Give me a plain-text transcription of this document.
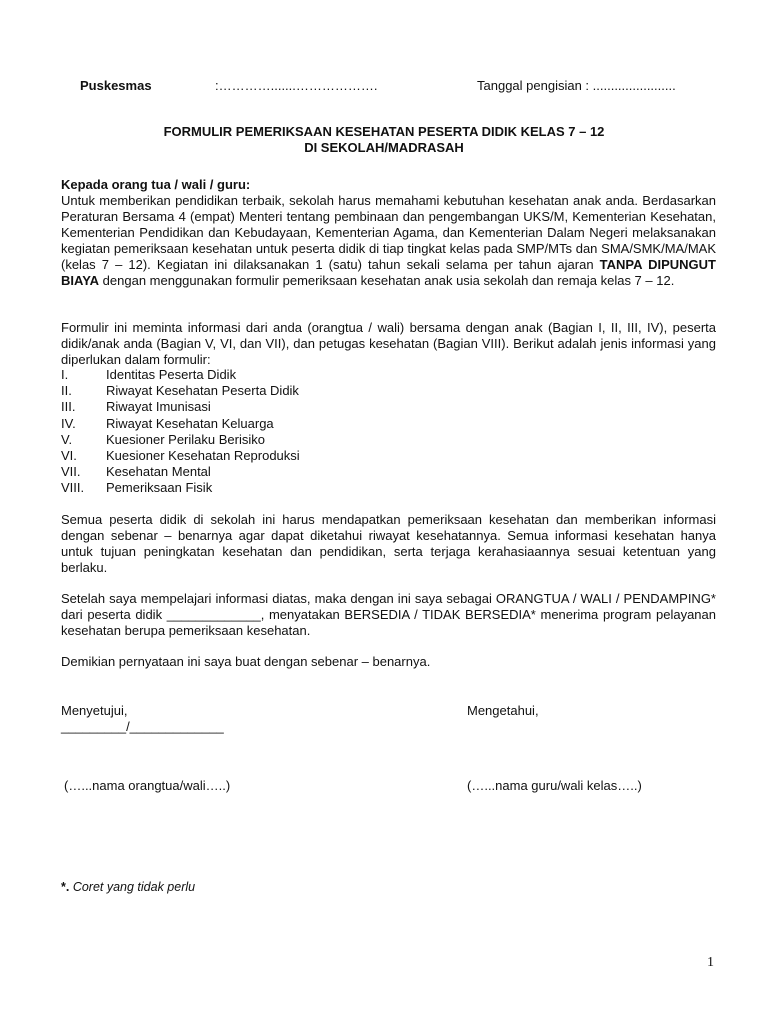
Puskesmas	:………….......……………….	Tanggal pengisian : .......................
FORMULIR PEMERIKSAAN KESEHATAN PESERTA DIDIK KELAS 7 – 12
DI SEKOLAH/MADRASAH
Kepada orang tua / wali / guru:
Untuk memberikan pendidikan terbaik, sekolah harus memahami kebutuhan kesehatan anak anda. Berdasarkan Peraturan Bersama 4 (empat) Menteri tentang pembinaan dan pengembangan UKS/M, Kementerian Kesehatan, Kementerian Pendidikan dan Kebudayaan, Kementerian Agama, dan Kementerian Dalam Negeri melaksanakan kegiatan pemeriksaan kesehatan untuk peserta didik di tiap tingkat kelas pada SMP/MTs dan SMA/SMK/MA/MAK (kelas 7 – 12). Kegiatan ini dilaksanakan 1 (satu) tahun sekali selama per tahun ajaran TANPA DIPUNGUT BIAYA dengan menggunakan formulir pemeriksaan kesehatan anak usia sekolah dan remaja kelas 7 – 12.
Formulir ini meminta informasi dari anda (orangtua / wali) bersama dengan anak (Bagian I, II, III, IV), peserta didik/anak anda (Bagian V, VI, dan VII), dan petugas kesehatan (Bagian VIII). Berikut adalah jenis informasi yang diperlukan dalam formulir:
I.	Identitas Peserta Didik
II.	Riwayat Kesehatan Peserta Didik
III.	Riwayat Imunisasi
IV.	Riwayat Kesehatan Keluarga
V.	Kuesioner Perilaku Berisiko
VI.	Kuesioner Kesehatan Reproduksi
VII.	Kesehatan Mental
VIII.	Pemeriksaan Fisik
Semua peserta didik di sekolah ini harus mendapatkan pemeriksaan kesehatan dan memberikan informasi dengan sebenar – benarnya agar dapat diketahui riwayat kesehatannya. Semua informasi kesehatan hanya untuk tujuan peningkatan kesehatan dan pendidikan, serta terjaga kerahasiaannya sesuai ketentuan yang berlaku.
Setelah saya mempelajari informasi diatas, maka dengan ini saya sebagai ORANGTUA / WALI / PENDAMPING* dari peserta didik _____________, menyatakan BERSEDIA / TIDAK BERSEDIA* menerima program pelayanan kesehatan berupa pemeriksaan kesehatan.
Demikian pernyataan ini saya buat dengan sebenar – benarnya.
Menyetujui,
_________/_____________
Mengetahui,
(…...nama orangtua/wali…..)	(…...nama guru/wali kelas…..)
*. Coret yang tidak perlu
1
